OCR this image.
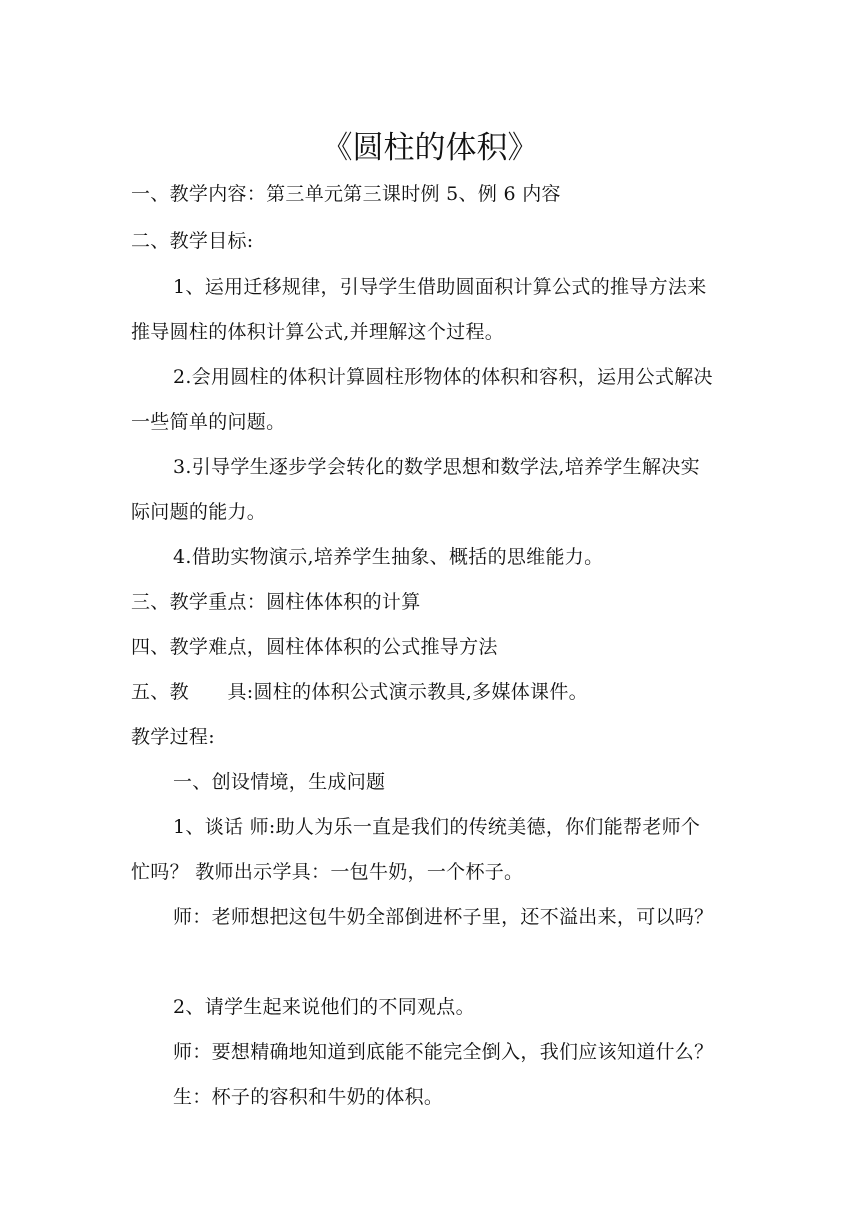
《圆柱的体积》
一、教学内容：第三单元第三课时例 5、例 6 内容
二、教学目标:
1、运用迁移规律，引导学生借助圆面积计算公式的推导方法来
推导圆柱的体积计算公式,并理解这个过程。
2.会用圆柱的体积计算圆柱形物体的体积和容积，运用公式解决
一些简单的问题。
3.引导学生逐步学会转化的数学思想和数学法,培养学生解决实
际问题的能力。
4.借助实物演示,培养学生抽象、概括的思维能力。
三、教学重点：圆柱体体积的计算
四、教学难点，圆柱体体积的公式推导方法
五、教　　具:圆柱的体积公式演示教具,多媒体课件。
教学过程:
一、创设情境，生成问题
1、谈话 师:助人为乐一直是我们的传统美德，你们能帮老师个
忙吗？ 教师出示学具：一包牛奶，一个杯子。
师：老师想把这包牛奶全部倒进杯子里，还不溢出来，可以吗？
2、请学生起来说他们的不同观点。
师：要想精确地知道到底能不能完全倒入，我们应该知道什么？
生：杯子的容积和牛奶的体积。
